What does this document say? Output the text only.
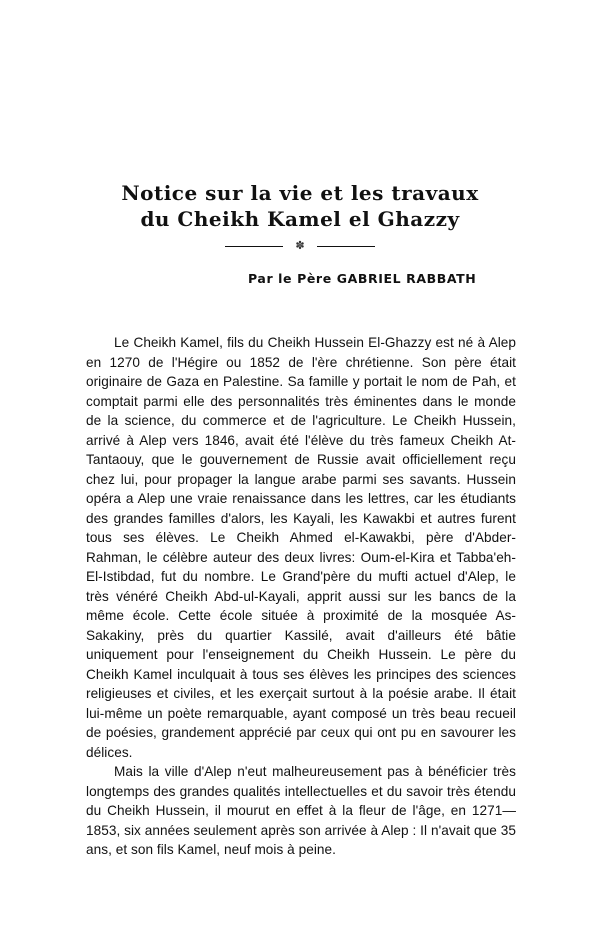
Notice sur la vie et les travaux
du Cheikh Kamel el Ghazzy
✽
Par le Père GABRIEL RABBATH

Le Cheikh Kamel, fils du Cheikh Hussein El-Ghazzy est né à Alep en 1270 de l'Hégire ou 1852 de l'ère chrétienne. Son père était originaire de Gaza en Palestine. Sa famille y portait le nom de Pah, et comptait parmi elle des personnalités très éminentes dans le monde de la science, du commerce et de l'agriculture. Le Cheikh Hussein, arrivé à Alep vers 1846, avait été l'élève du très fameux Cheikh At-Tantaouy, que le gouvernement de Russie avait officiellement reçu chez lui, pour propager la langue arabe parmi ses savants. Hussein opéra a Alep une vraie renaissance dans les lettres, car les étudiants des grandes familles d'alors, les Kayali, les Kawakbi et autres furent tous ses élèves. Le Cheikh Ahmed el-Kawakbi, père d'Abder- Rahman, le célèbre auteur des deux livres: Oum-el-Kira et Tabba'eh-El-Istibdad, fut du nombre. Le Grand'père du mufti actuel d'Alep, le très vénéré Cheikh Abd-ul-Kayali, apprit aussi sur les bancs de la même école. Cette école située à proximité de la mosquée As-Sakakiny, près du quartier Kassilé, avait d'ailleurs été bâtie uniquement pour l'enseignement du Cheikh Hussein. Le père du Cheikh Kamel inculquait à tous ses élèves les principes des sciences religieuses et civiles, et les exerçait surtout à la poésie arabe. Il était lui-même un poète remarquable, ayant composé un très beau recueil de poésies, grandement apprécié par ceux qui ont pu en savourer les délices.

Mais la ville d'Alep n'eut malheureusement pas à bénéficier très longtemps des grandes qualités intellectuelles et du savoir très étendu du Cheikh Hussein, il mourut en effet à la fleur de l'âge, en 1271—1853, six années seulement après son arrivée à Alep : Il n'avait que 35 ans, et son fils Kamel, neuf mois à peine.
